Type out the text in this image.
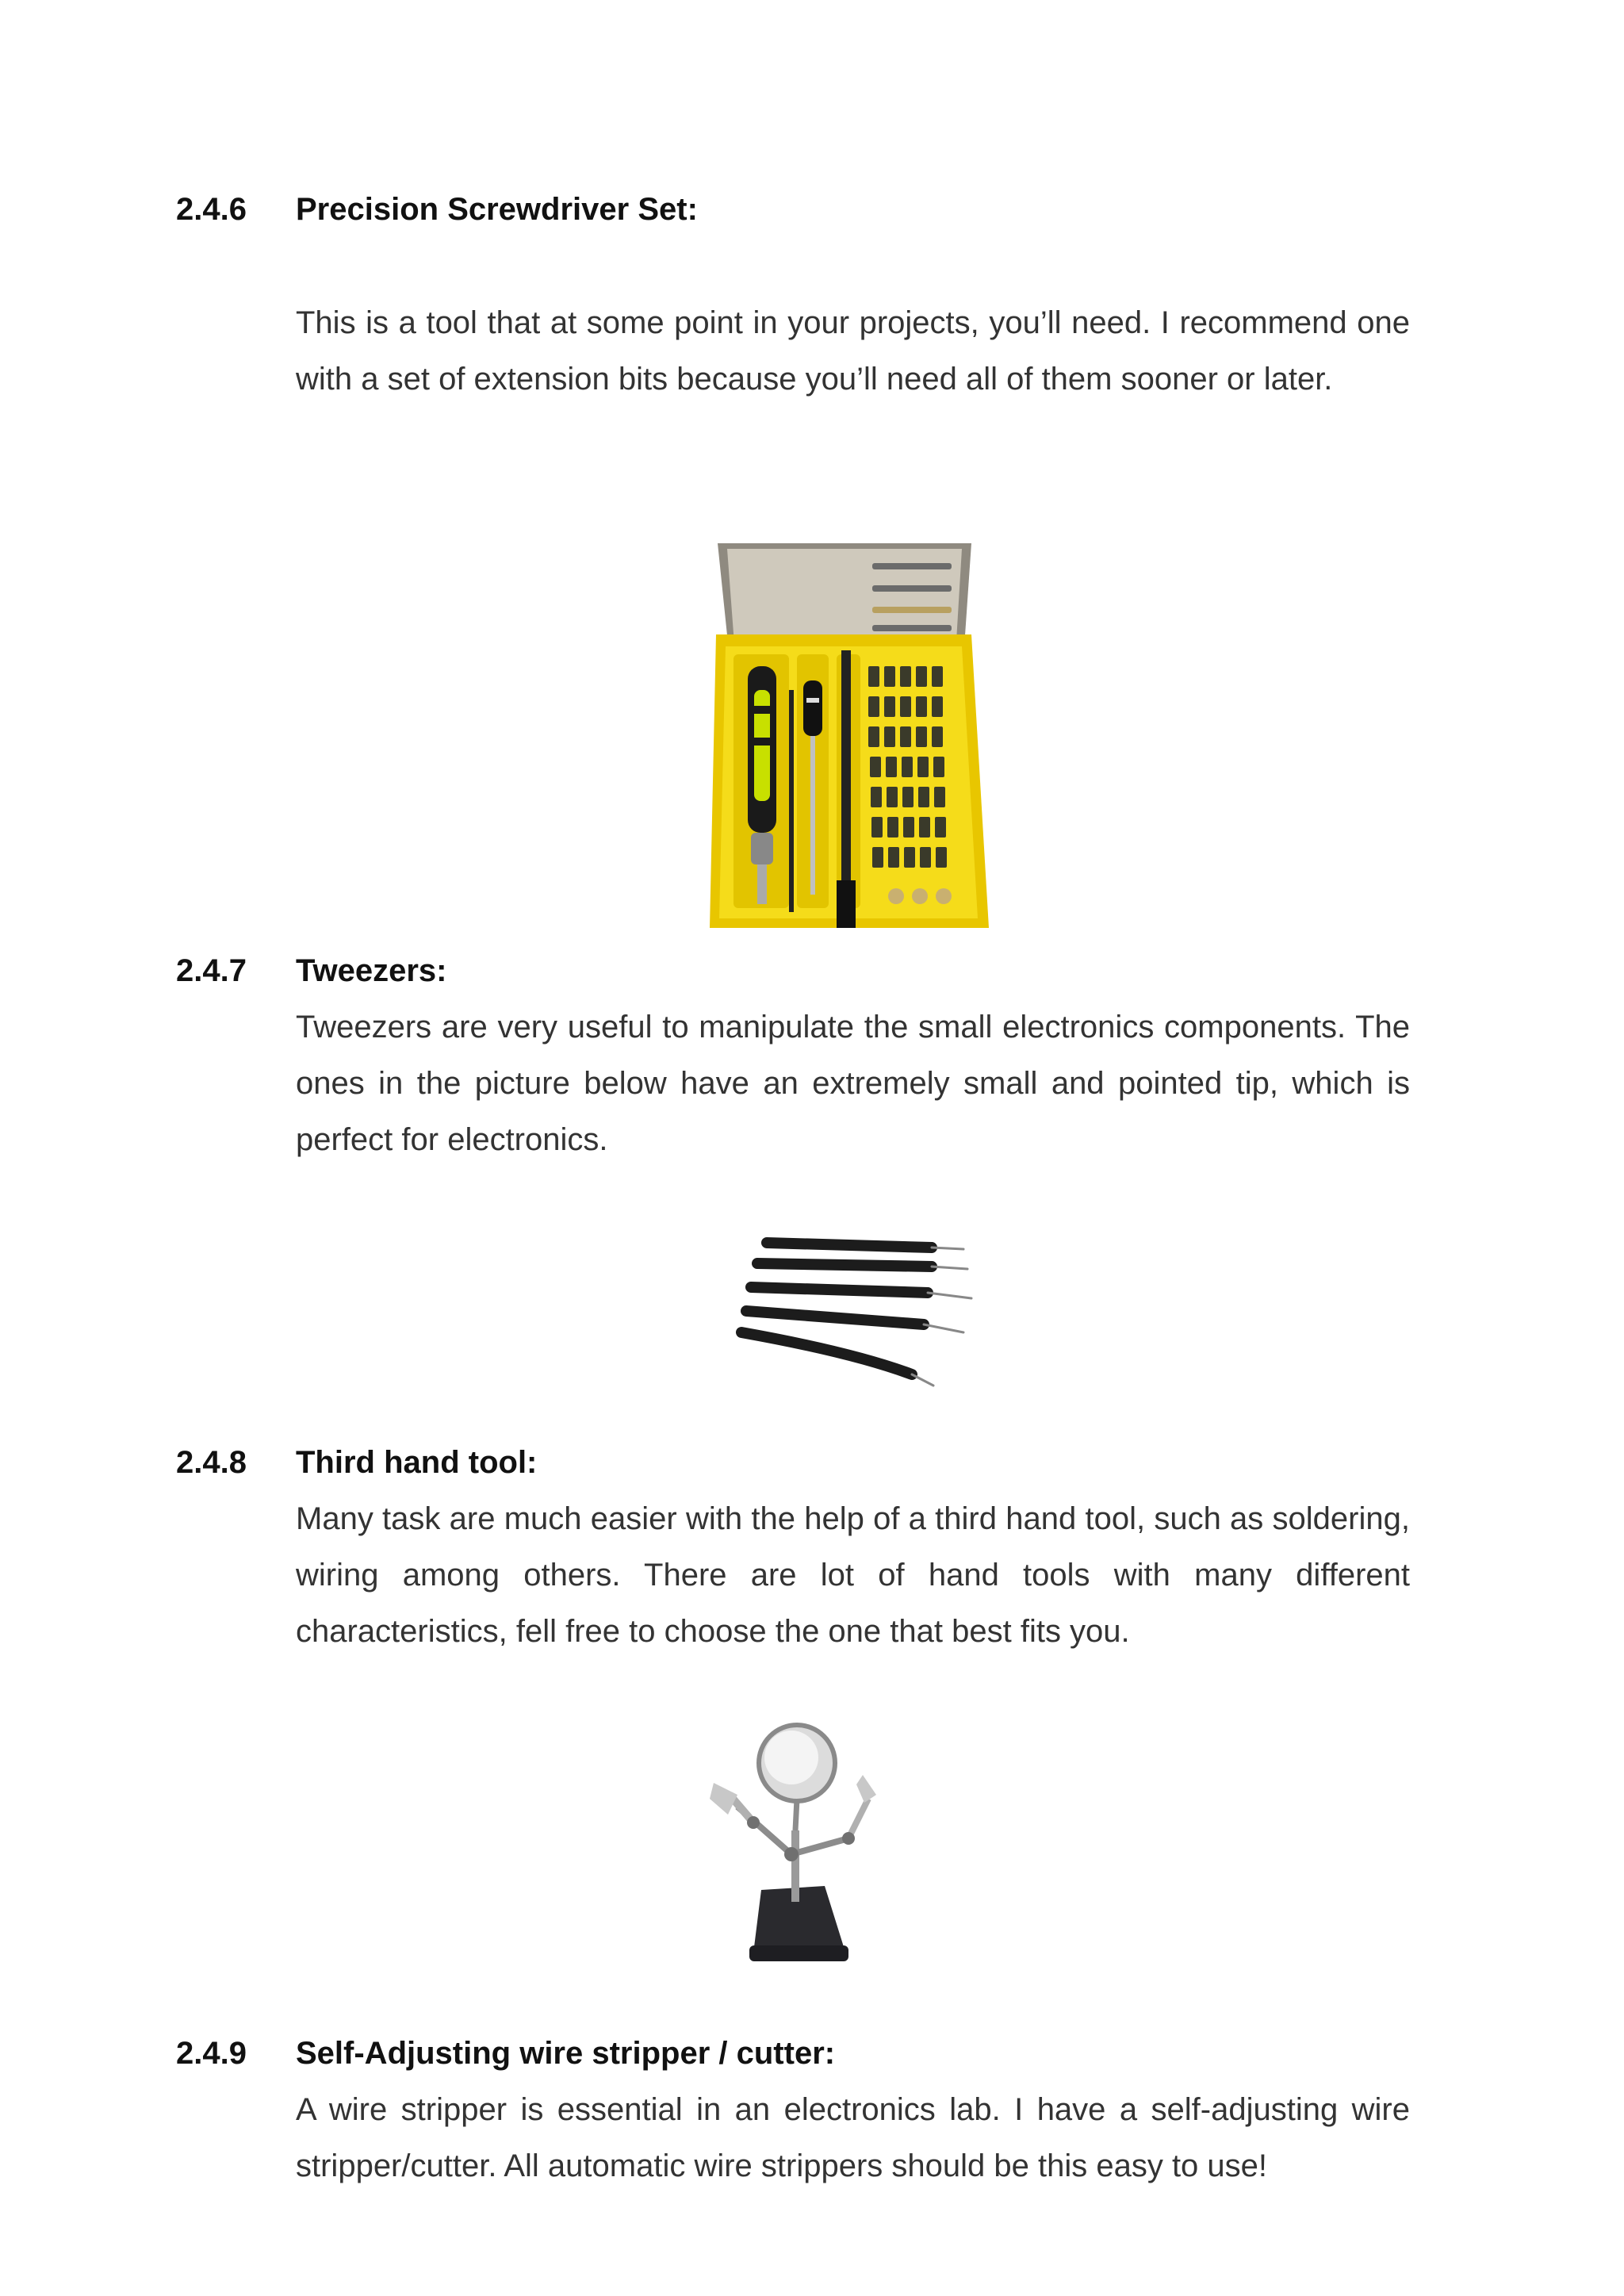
2.4.6 Precision Screwdriver Set:
This is a tool that at some point in your projects, you’ll need. I recommend one with a set of extension bits because you’ll need all of them sooner or later.
2.4.7 Tweezers:
Tweezers are very useful to manipulate the small electronics components. The ones in the picture below have an extremely small and pointed tip, which is perfect for electronics.
2.4.8 Third hand tool:
Many task are much easier with the help of a third hand tool, such as soldering, wiring among others. There are lot of hand tools with many different characteristics, fell free to choose the one that best fits you.
2.4.9 Self-Adjusting wire stripper / cutter:
A wire stripper is essential in an electronics lab. I have a self-adjusting wire stripper/cutter. All automatic wire strippers should be this easy to use!
